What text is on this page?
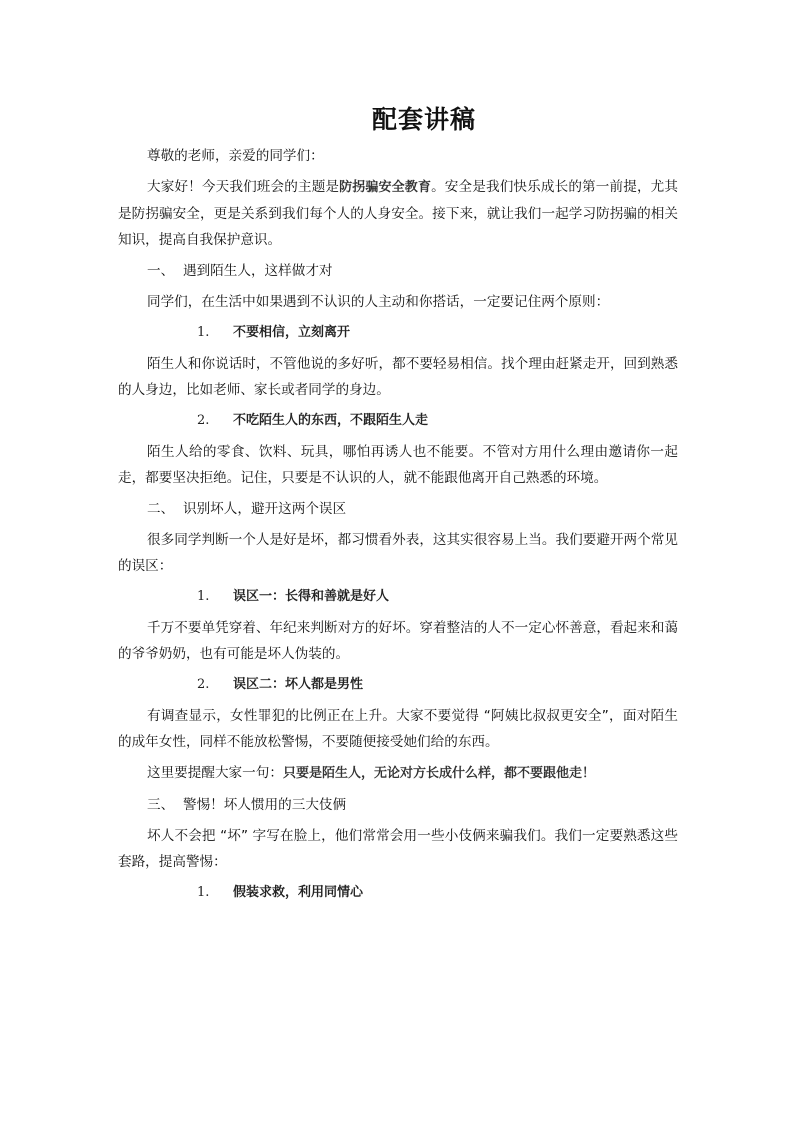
配套讲稿

尊敬的老师，亲爱的同学们：

大家好！今天我们班会的主题是防拐骗安全教育。安全是我们快乐成长的第一前提，尤其是防拐骗安全，更是关系到我们每个人的人身安全。接下来，就让我们一起学习防拐骗的相关知识，提高自我保护意识。

一、 遇到陌生人，这样做才对

同学们，在生活中如果遇到不认识的人主动和你搭话，一定要记住两个原则：

1. 不要相信，立刻离开

陌生人和你说话时，不管他说的多好听，都不要轻易相信。找个理由赶紧走开，回到熟悉的人身边，比如老师、家长或者同学的身边。

2. 不吃陌生人的东西，不跟陌生人走

陌生人给的零食、饮料、玩具，哪怕再诱人也不能要。不管对方用什么理由邀请你一起走，都要坚决拒绝。记住，只要是不认识的人，就不能跟他离开自己熟悉的环境。

二、 识别坏人，避开这两个误区

很多同学判断一个人是好是坏，都习惯看外表，这其实很容易上当。我们要避开两个常见的误区：

1. 误区一：长得和善就是好人

千万不要单凭穿着、年纪来判断对方的好坏。穿着整洁的人不一定心怀善意，看起来和蔼的爷爷奶奶，也有可能是坏人伪装的。

2. 误区二：坏人都是男性

有调查显示，女性罪犯的比例正在上升。大家不要觉得 “阿姨比叔叔更安全”，面对陌生的成年女性，同样不能放松警惕，不要随便接受她们给的东西。

这里要提醒大家一句：只要是陌生人，无论对方长成什么样，都不要跟他走！

三、 警惕！坏人惯用的三大伎俩

坏人不会把 “坏” 字写在脸上，他们常常会用一些小伎俩来骗我们。我们一定要熟悉这些套路，提高警惕：

1. 假装求救，利用同情心
